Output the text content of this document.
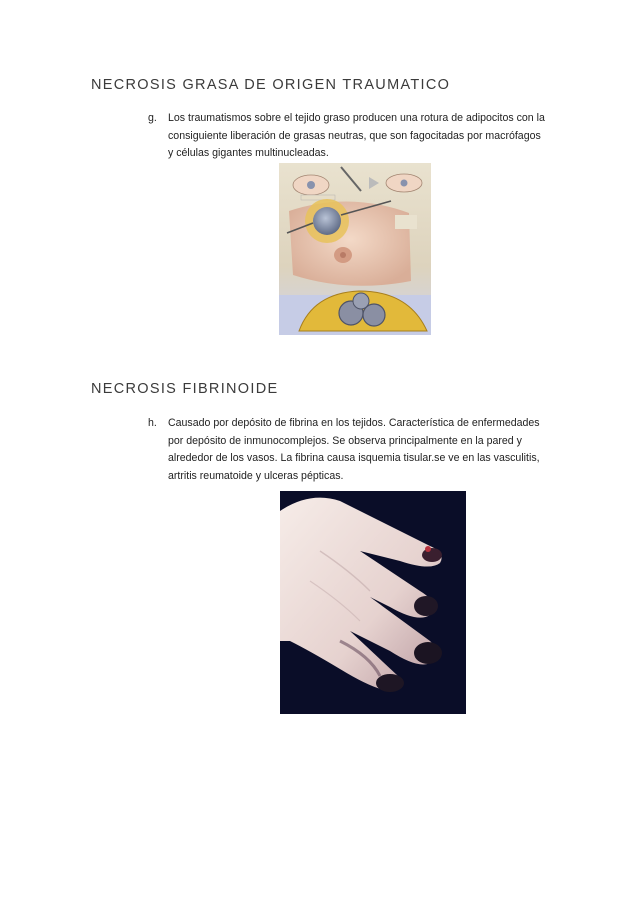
NECROSIS GRASA DE ORIGEN TRAUMATICO
g. Los traumatismos sobre el tejido graso producen una rotura de adipocitos con la consiguiente liberación de grasas neutras, que son fagocitadas por macrófagos y células gigantes multinucleadas.
NECROSIS FIBRINOIDE
h. Causado por depósito de fibrina en los tejidos. Característica de enfermedades por depósito de inmunocomplejos. Se observa principalmente en la pared y alrededor de los vasos. La fibrina causa isquemia tisular.se ve en las vasculitis, artritis reumatoide y ulceras pépticas.
